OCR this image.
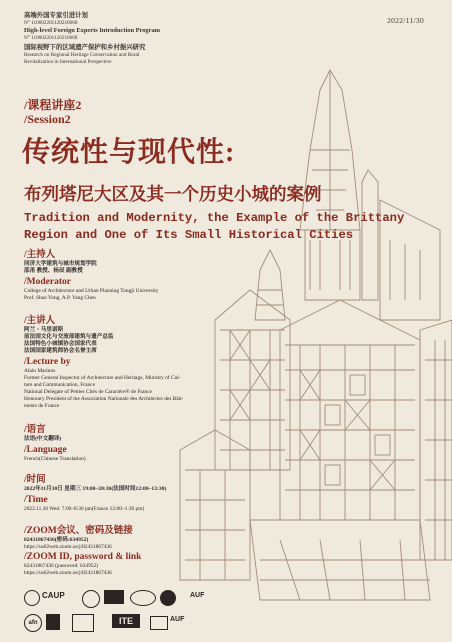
高端外国专家引进计划
N° 110002201120210668
High-level Foreign Experts Introduction Program
N° 110002201120210668
国际视野下的区域遗产保护和乡村振兴研究
Research on Regional Heritage Conservation and Rural
Revitalization in International Perspective
2022/11/30
/课程讲座2
/Session2
传统性与现代性:
布列塔尼大区及其一个历史小城的案例
Tradition and Modernity, the Example of the Brittany
Region and One of Its Small Historical Cities
/主持人
同济大学建筑与城市规划学院
邵甬 教授、杨辰 副教授
/Moderator
College of Architecture and Urban Planning Tongji University
Prof. Shao Yong, A.P. Yang Chen
/主讲人
阿兰・马里诺斯
前法国文化与交流部建筑与遗产总监
法国特色小城镇协会国家代表
法国国家建筑师协会名誉主席
/Lecture by
Alain Marinos
Former General Inspector of Architecture and Heritage, Ministry of Cul-
ture and Communication, France
National Delegate of Petites Cités de Caractère® de France
Honorary President of the Association Nationale des Architectes des Bâti-
ments de France
/语言
法语(中文翻译)
/Language
French(Chinese Translation)
/时间
2022年11月30日 星期三 19:00–20:30(法国时间12:00–13:30)
/Time
2022.11.30 Wed. 7:00–8:30 pm(France 12:00–1:30 pm)
/ZOOM会议、密码及链接
82431867436(密码:634952)
https://us02web.zoom.us/j/82431867436
/ZOOM ID, password & link
82431867436 (password: 634952)
https://us02web.zoom.us/j/82431867436
CAUP	AUF
afn	ITE	AUF
